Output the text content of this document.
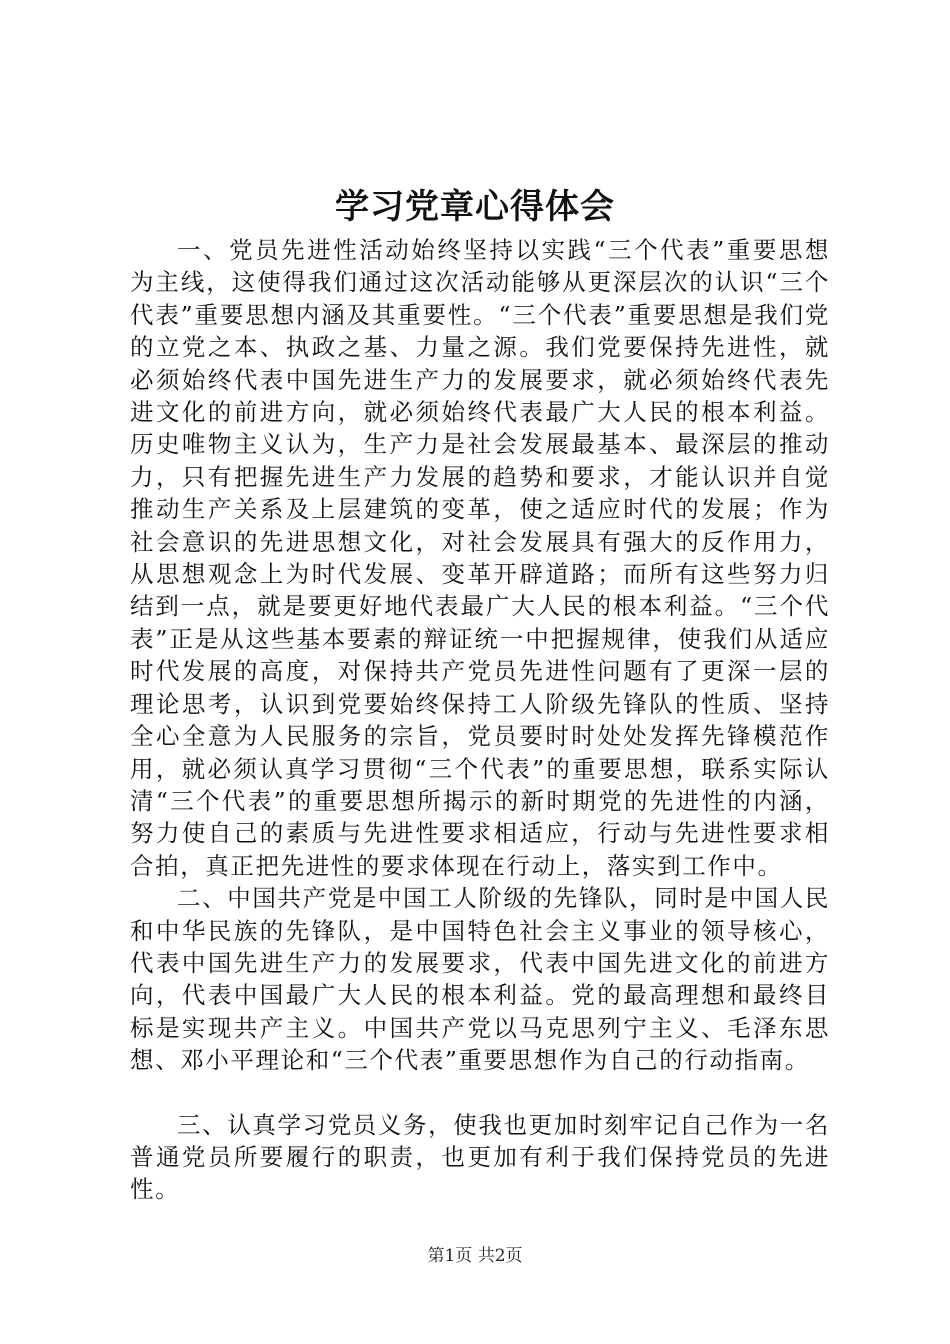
学习党章心得体会

一、党员先进性活动始终坚持以实践“三个代表”重要思想为主线，这使得我们通过这次活动能够从更深层次的认识“三个代表”重要思想内涵及其重要性。“三个代表”重要思想是我们党的立党之本、执政之基、力量之源。我们党要保持先进性，就必须始终代表中国先进生产力的发展要求，就必须始终代表先进文化的前进方向，就必须始终代表最广大人民的根本利益。历史唯物主义认为，生产力是社会发展最基本、最深层的推动力，只有把握先进生产力发展的趋势和要求，才能认识并自觉推动生产关系及上层建筑的变革，使之适应时代的发展；作为社会意识的先进思想文化，对社会发展具有强大的反作用力，从思想观念上为时代发展、变革开辟道路；而所有这些努力归结到一点，就是要更好地代表最广大人民的根本利益。“三个代表”正是从这些基本要素的辩证统一中把握规律，使我们从适应时代发展的高度，对保持共产党员先进性问题有了更深一层的理论思考，认识到党要始终保持工人阶级先锋队的性质、坚持全心全意为人民服务的宗旨，党员要时时处处发挥先锋模范作用，就必须认真学习贯彻“三个代表”的重要思想，联系实际认清“三个代表”的重要思想所揭示的新时期党的先进性的内涵，努力使自己的素质与先进性要求相适应，行动与先进性要求相合拍，真正把先进性的要求体现在行动上，落实到工作中。

二、中国共产党是中国工人阶级的先锋队，同时是中国人民和中华民族的先锋队，是中国特色社会主义事业的领导核心，代表中国先进生产力的发展要求，代表中国先进文化的前进方向，代表中国最广大人民的根本利益。党的最高理想和最终目标是实现共产主义。中国共产党以马克思列宁主义、毛泽东思想、邓小平理论和“三个代表”重要思想作为自己的行动指南。

三、认真学习党员义务，使我也更加时刻牢记自己作为一名普通党员所要履行的职责，也更加有利于我们保持党员的先进性。

第1页 共2页
